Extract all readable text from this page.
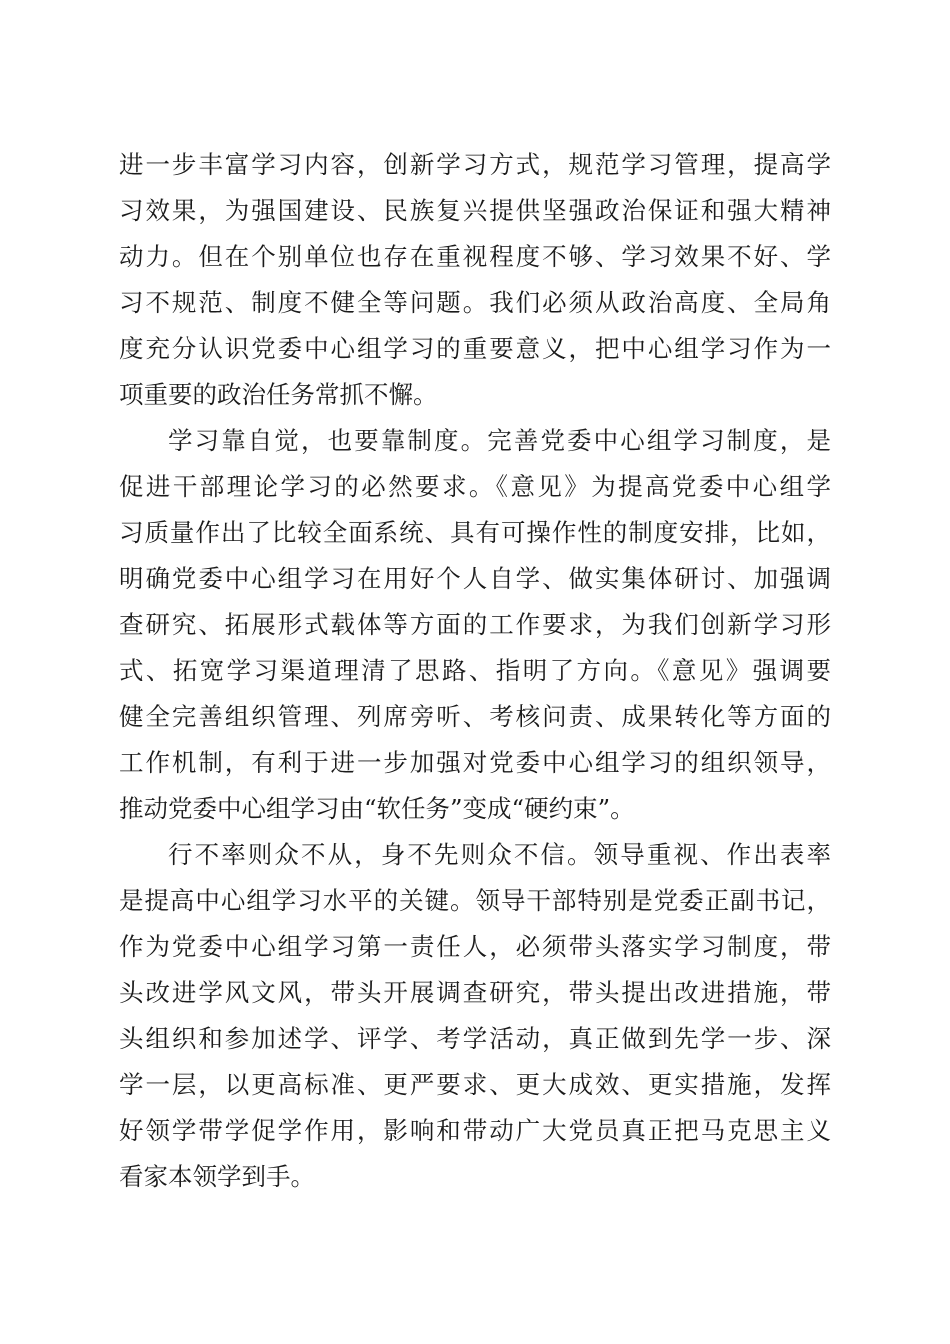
进一步丰富学习内容，创新学习方式，规范学习管理，提高学
习效果，为强国建设、民族复兴提供坚强政治保证和强大精神
动力。但在个别单位也存在重视程度不够、学习效果不好、学
习不规范、制度不健全等问题。我们必须从政治高度、全局角
度充分认识党委中心组学习的重要意义，把中心组学习作为一
项重要的政治任务常抓不懈。
学习靠自觉，也要靠制度。完善党委中心组学习制度，是
促进干部理论学习的必然要求。《意见》为提高党委中心组学
习质量作出了比较全面系统、具有可操作性的制度安排，比如，
明确党委中心组学习在用好个人自学、做实集体研讨、加强调
查研究、拓展形式载体等方面的工作要求，为我们创新学习形
式、拓宽学习渠道理清了思路、指明了方向。《意见》强调要
健全完善组织管理、列席旁听、考核问责、成果转化等方面的
工作机制，有利于进一步加强对党委中心组学习的组织领导，
推动党委中心组学习由“软任务”变成“硬约束”。
行不率则众不从，身不先则众不信。领导重视、作出表率
是提高中心组学习水平的关键。领导干部特别是党委正副书记，
作为党委中心组学习第一责任人，必须带头落实学习制度，带
头改进学风文风，带头开展调查研究，带头提出改进措施，带
头组织和参加述学、评学、考学活动，真正做到先学一步、深
学一层，以更高标准、更严要求、更大成效、更实措施，发挥
好领学带学促学作用，影响和带动广大党员真正把马克思主义
看家本领学到手。
